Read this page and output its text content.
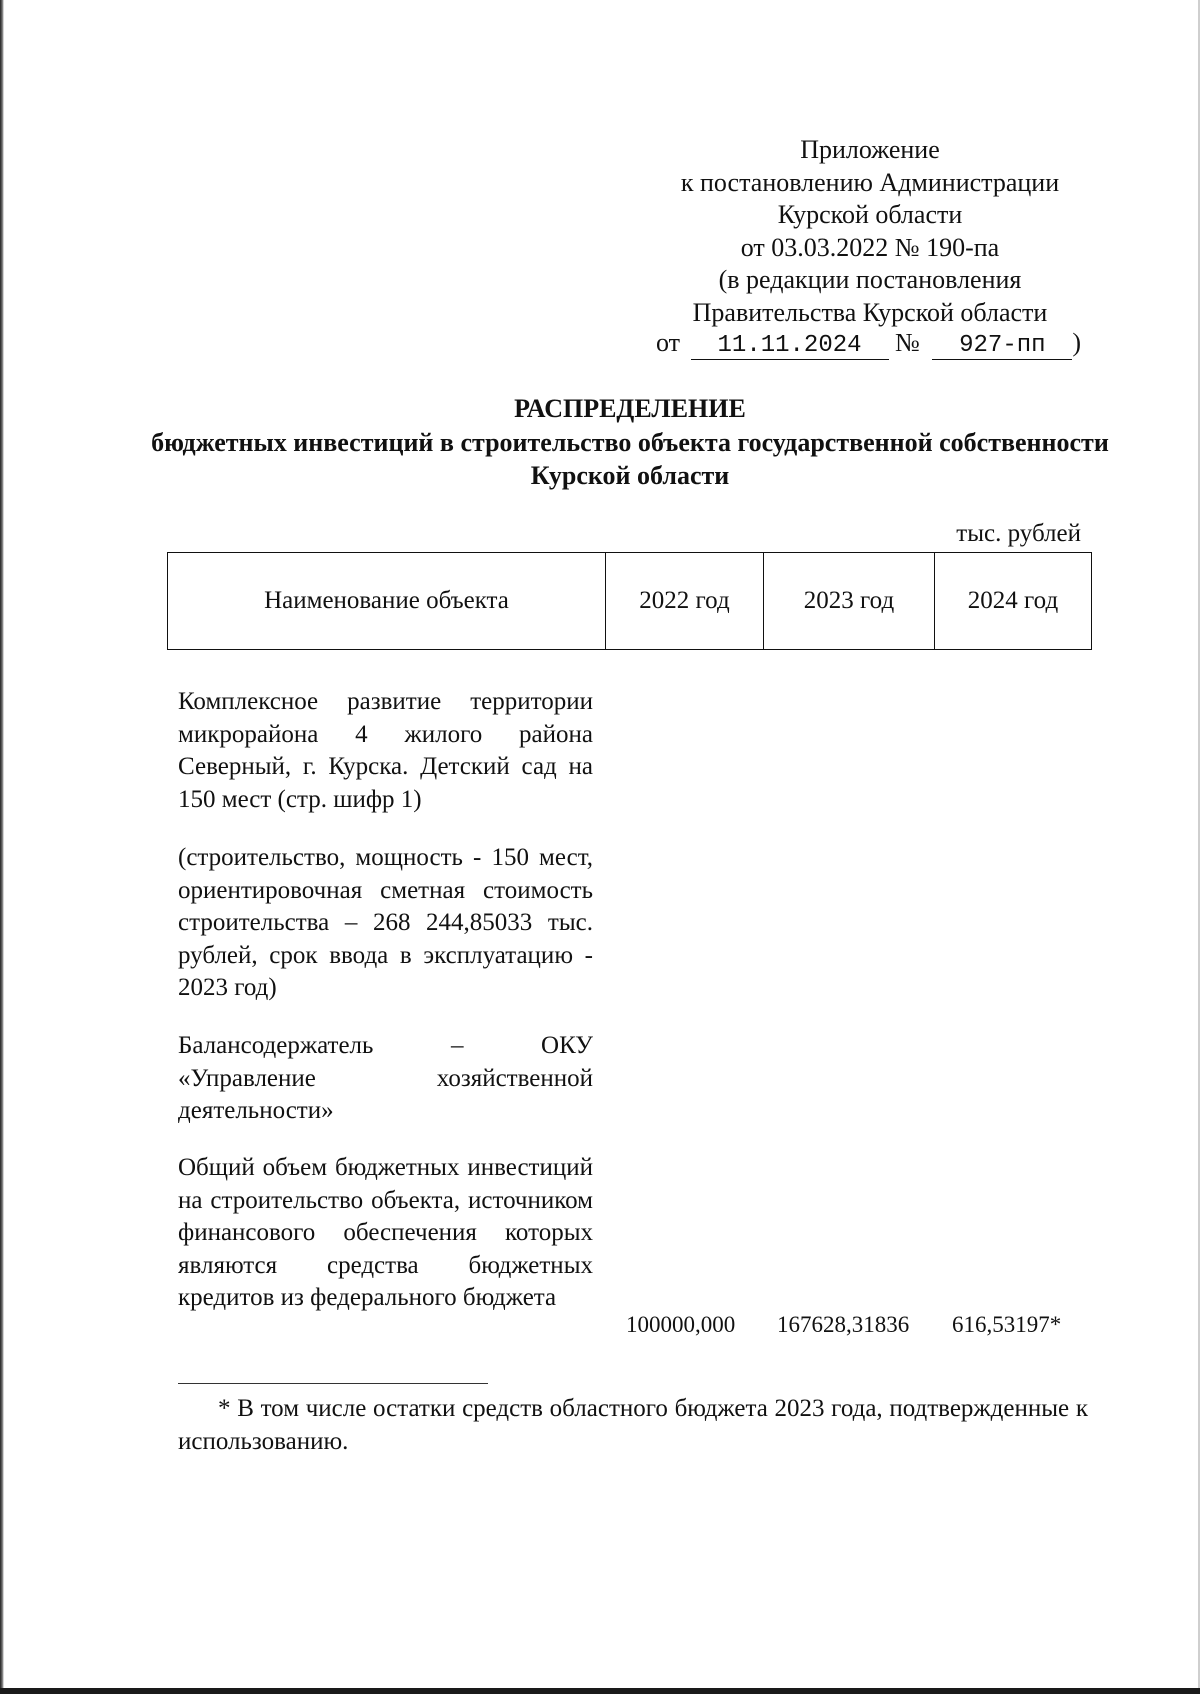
Приложение
к постановлению Администрации
Курской области
от 03.03.2022 № 190-па
(в редакции постановления
Правительства Курской области
от 11.11.2024 № 927-пп )
РАСПРЕДЕЛЕНИЕ
бюджетных инвестиций в строительство объекта государственной собственности Курской области
тыс. рублей
Наименование объекта	2022 год	2023 год	2024 год
Комплексное развитие территории микрорайона 4 жилого района Северный, г. Курска. Детский сад на 150 мест (стр. шифр 1)
(строительство, мощность - 150 мест, ориентировочная сметная стоимость строительства – 268 244,85033 тыс. рублей, срок ввода в эксплуатацию - 2023 год)
Балансодержатель – ОКУ «Управление хозяйственной деятельности»
Общий объем бюджетных инвестиций на строительство объекта, источником финансового обеспечения которых являются средства бюджетных кредитов из федерального бюджета
100000,000 167628,31836 616,53197*
* В том числе остатки средств областного бюджета 2023 года, подтвержденные к использованию.
